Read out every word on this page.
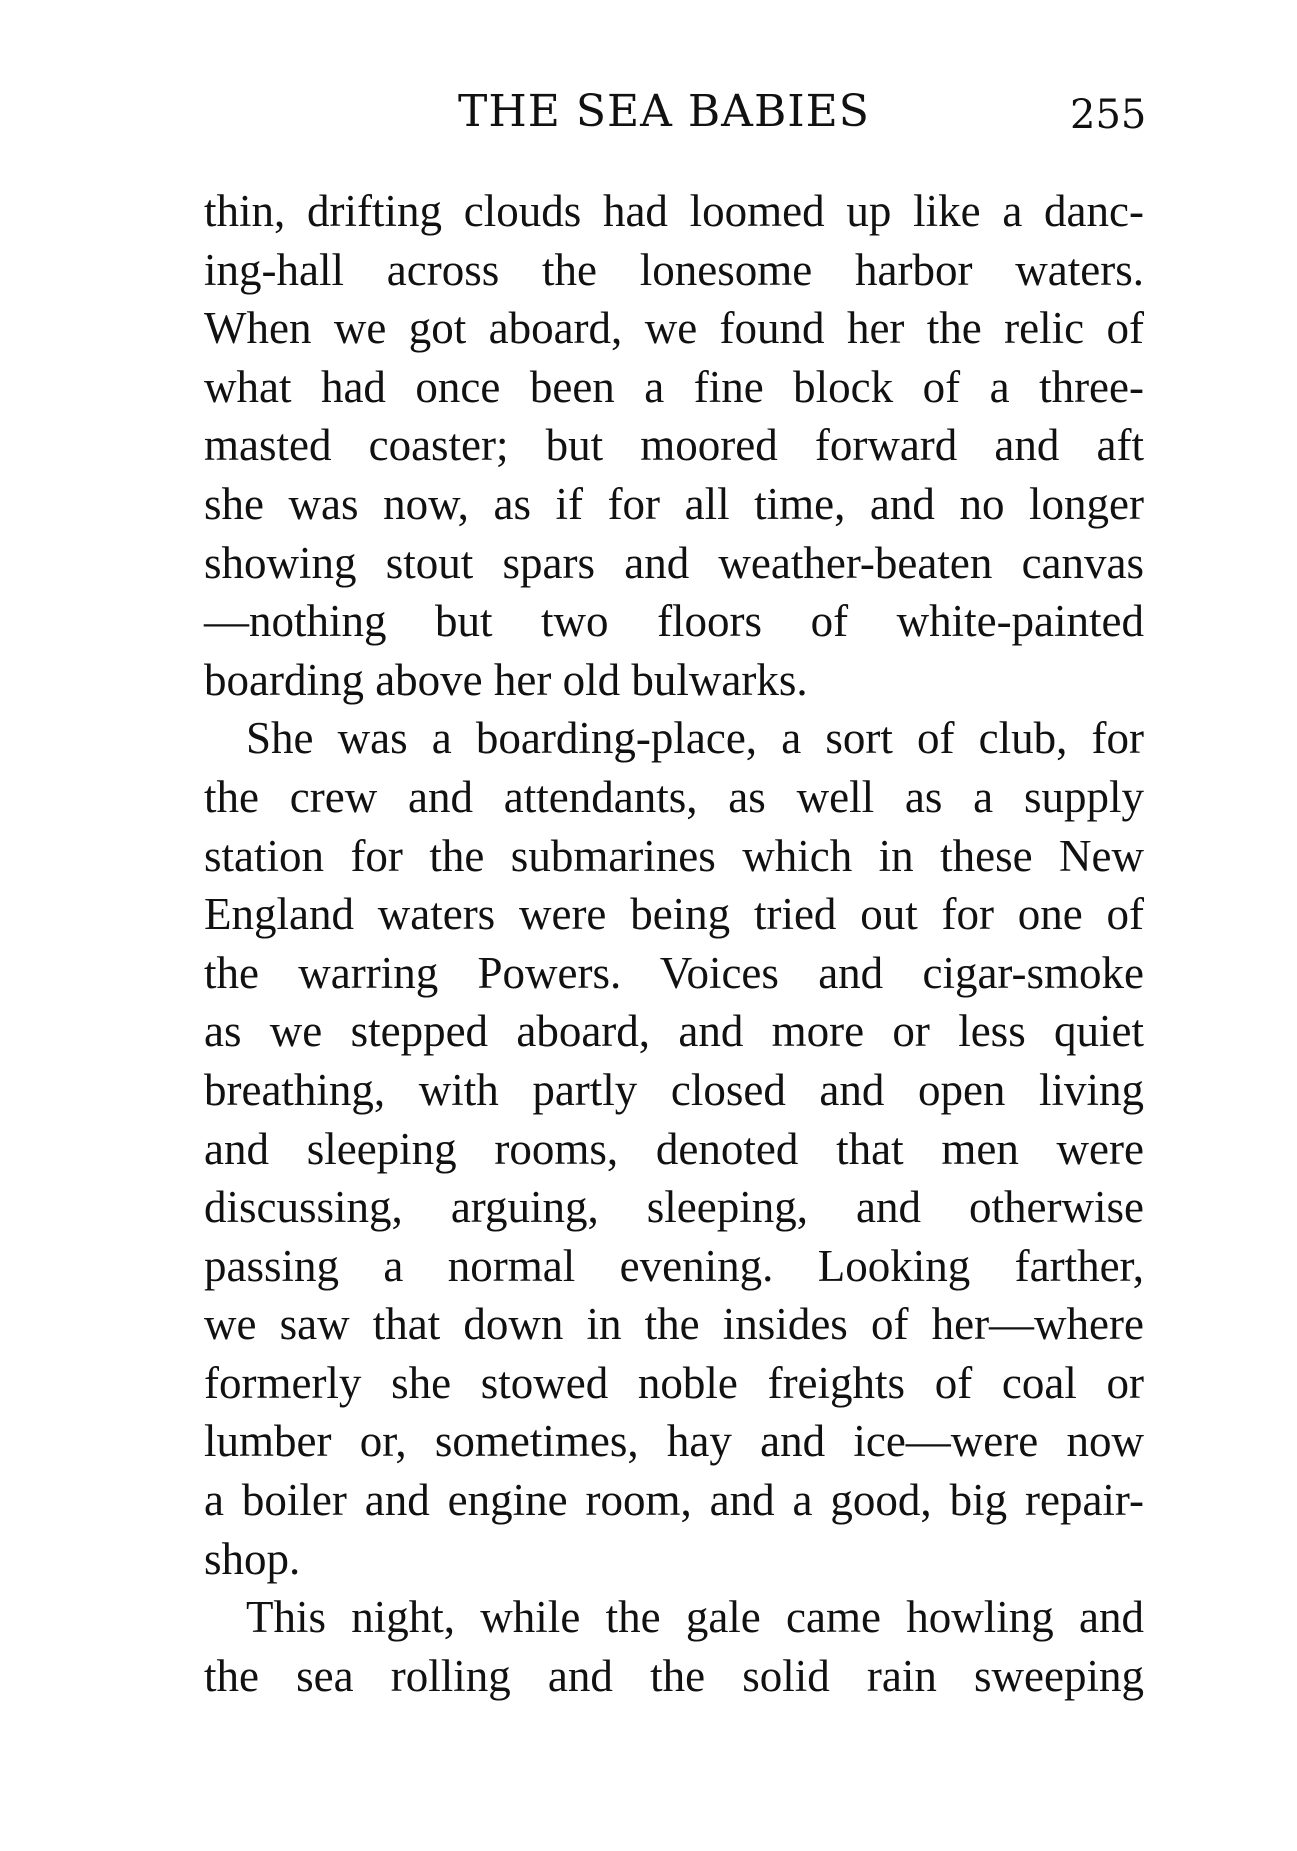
THE SEA BABIES	255
thin, drifting clouds had loomed up like a danc-
ing-hall across the lonesome harbor waters.
When we got aboard, we found her the relic of
what had once been a fine block of a three-
masted coaster; but moored forward and aft
she was now, as if for all time, and no longer
showing stout spars and weather-beaten canvas
—nothing but two floors of white-painted
boarding above her old bulwarks.
She was a boarding-place, a sort of club, for
the crew and attendants, as well as a supply
station for the submarines which in these New
England waters were being tried out for one of
the warring Powers. Voices and cigar-smoke
as we stepped aboard, and more or less quiet
breathing, with partly closed and open living
and sleeping rooms, denoted that men were
discussing, arguing, sleeping, and otherwise
passing a normal evening. Looking farther,
we saw that down in the insides of her—where
formerly she stowed noble freights of coal or
lumber or, sometimes, hay and ice—were now
a boiler and engine room, and a good, big repair-
shop.
This night, while the gale came howling and
the sea rolling and the solid rain sweeping
